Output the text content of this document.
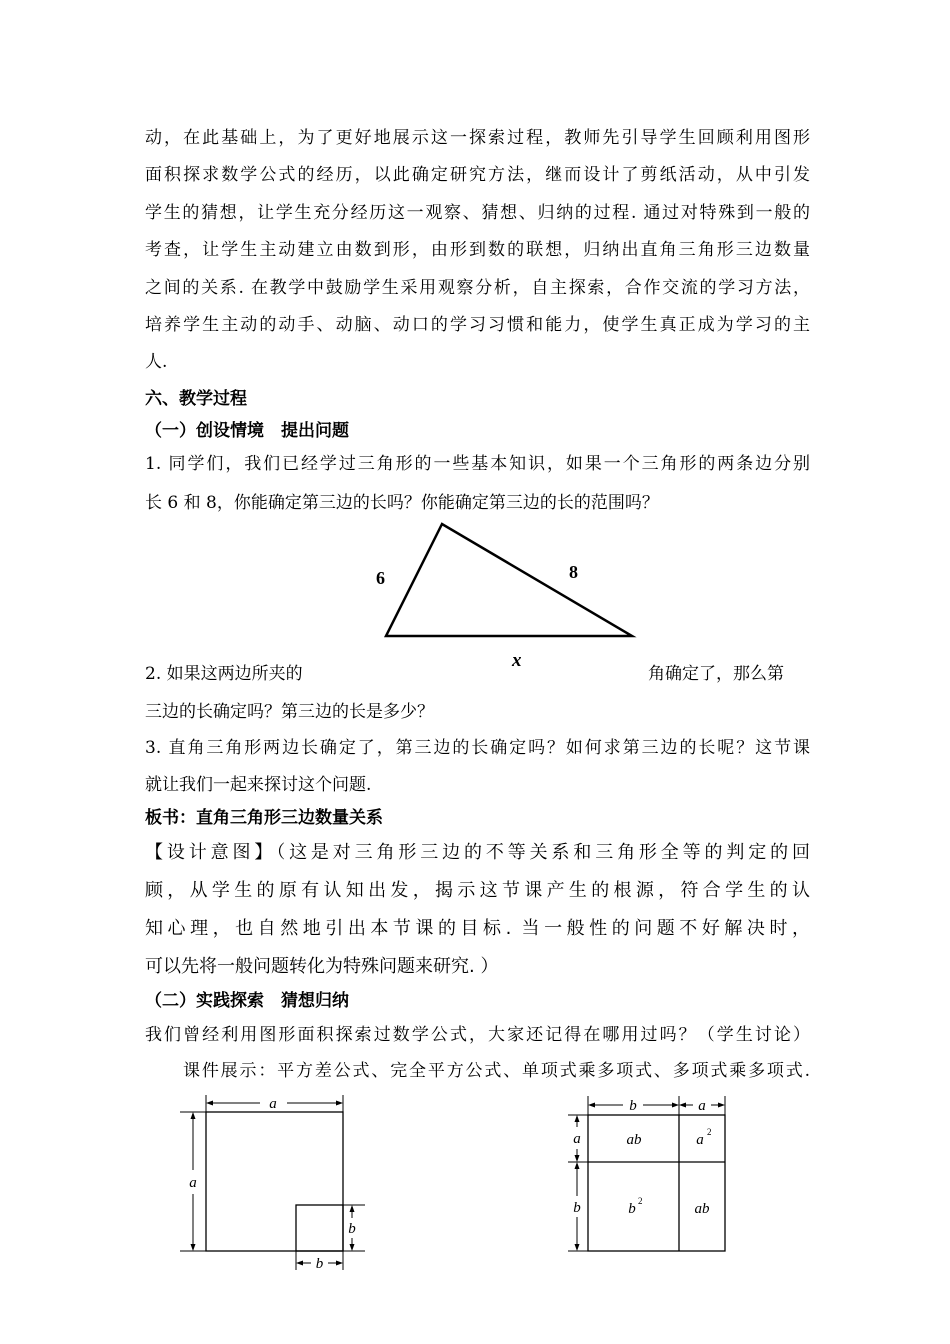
动，在此基础上，为了更好地展示这一探索过程，教师先引导学生回顾利用图形
面积探求数学公式的经历，以此确定研究方法，继而设计了剪纸活动，从中引发
学生的猜想，让学生充分经历这一观察、猜想、归纳的过程. 通过对特殊到一般的
考查，让学生主动建立由数到形，由形到数的联想，归纳出直角三角形三边数量
之间的关系. 在教学中鼓励学生采用观察分析，自主探索，合作交流的学习方法，
培养学生主动的动手、动脑、动口的学习习惯和能力，使学生真正成为学习的主
人.
六、教学过程
（一）创设情境　提出问题
1. 同学们，我们已经学过三角形的一些基本知识，如果一个三角形的两条边分别
长 6 和 8，你能确定第三边的长吗？你能确定第三边的长的范围吗？
6	8
x
2. 如果这两边所夹的	角确定了，那么第
三边的长确定吗？第三边的长是多少？
3. 直角三角形两边长确定了，第三边的长确定吗？如何求第三边的长呢？这节课
就让我们一起来探讨这个问题.
板书：直角三角形三边数量关系
【设计意图】（这是对三角形三边的不等关系和三角形全等的判定的回
顾，从学生的原有认知出发，揭示这节课产生的根源，符合学生的认
知心理，也自然地引出本节课的目标. 当一般性的问题不好解决时，
可以先将一般问题转化为特殊问题来研究. ）
（二）实践探索　猜想归纳
我们曾经利用图形面积探索过数学公式，大家还记得在哪用过吗？（学生讨论）
课件展示：平方差公式、完全平方公式、单项式乘多项式、多项式乘多项式.
a
a
b
b
b	a
a
b
ab	a 2
b 2	ab
